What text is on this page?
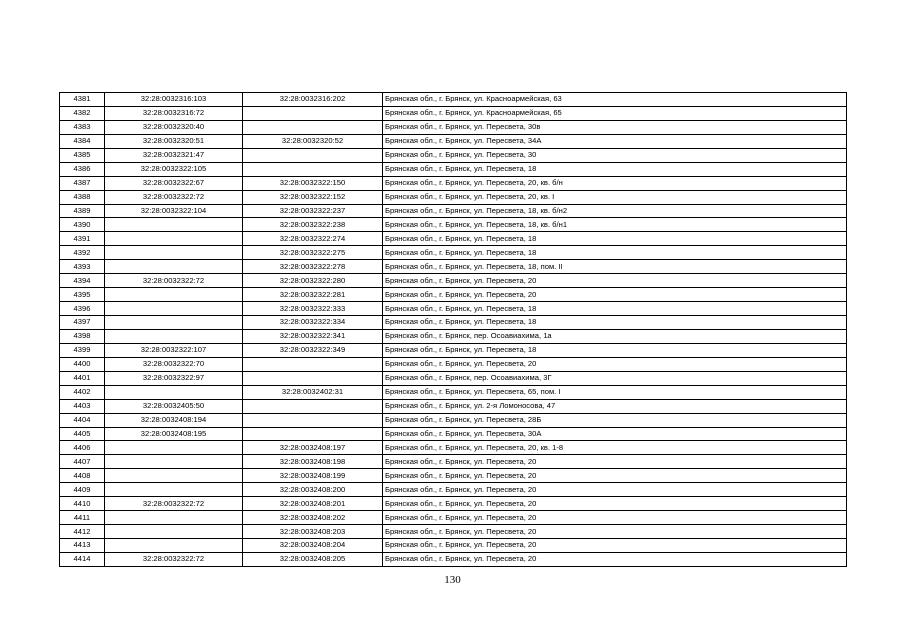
4381	32:28:0032316:103	32:28:0032316:202	Брянская обл., г. Брянск, ул. Красноармейская, 63
4382	32:28:0032316:72		Брянская обл., г. Брянск, ул. Красноармейская, 65
4383	32:28:0032320:40		Брянская обл., г. Брянск, ул. Пересвета, 30в
4384	32:28:0032320:51	32:28:0032320:52	Брянская обл., г. Брянск, ул. Пересвета, 34А
4385	32:28:0032321:47		Брянская обл., г. Брянск, ул. Пересвета, 30
4386	32:28:0032322:105		Брянская обл., г. Брянск, ул. Пересвета, 18
4387	32:28:0032322:67	32:28:0032322:150	Брянская обл., г. Брянск, ул. Пересвета, 20, кв. б/н
4388	32:28:0032322:72	32:28:0032322:152	Брянская обл., г. Брянск, ул. Пересвета, 20, кв. I
4389	32:28:0032322:104	32:28:0032322:237	Брянская обл., г. Брянск, ул. Пересвета, 18, кв. б/н2
4390		32:28:0032322:238	Брянская обл., г. Брянск, ул. Пересвета, 18, кв. б/н1
4391		32:28:0032322:274	Брянская обл., г. Брянск, ул. Пересвета, 18
4392		32:28:0032322:275	Брянская обл., г. Брянск, ул. Пересвета, 18
4393		32:28:0032322:278	Брянская обл., г. Брянск, ул. Пересвета, 18, пом. II
4394	32:28:0032322:72	32:28:0032322:280	Брянская обл., г. Брянск, ул. Пересвета, 20
4395		32:28:0032322:281	Брянская обл., г. Брянск, ул. Пересвета, 20
4396		32:28:0032322:333	Брянская обл., г. Брянск, ул. Пересвета, 18
4397		32:28:0032322:334	Брянская обл., г. Брянск, ул. Пересвета, 18
4398		32:28:0032322:341	Брянская обл., г. Брянск, пер. Осоавиахима, 1а
4399	32:28:0032322:107	32:28:0032322:349	Брянская обл., г. Брянск, ул. Пересвета, 18
4400	32:28:0032322:70		Брянская обл., г. Брянск, ул. Пересвета, 20
4401	32:28:0032322:97		Брянская обл., г. Брянск, пер. Осоавиахима, 3Г
4402		32:28:0032402:31	Брянская обл., г. Брянск, ул. Пересвета, 65, пом. I
4403	32:28:0032405:50		Брянская обл., г. Брянск, ул. 2-я Ломоносова, 47
4404	32:28:0032408:194		Брянская обл., г. Брянск, ул. Пересвета, 28Б
4405	32:28:0032408:195		Брянская обл., г. Брянск, ул. Пересвета, 30А
4406		32:28:0032408:197	Брянская обл., г. Брянск, ул. Пересвета, 20, кв. 1-8
4407		32:28:0032408:198	Брянская обл., г. Брянск, ул. Пересвета, 20
4408		32:28:0032408:199	Брянская обл., г. Брянск, ул. Пересвета, 20
4409		32:28:0032408:200	Брянская обл., г. Брянск, ул. Пересвета, 20
4410	32:28:0032322:72	32:28:0032408:201	Брянская обл., г. Брянск, ул. Пересвета, 20
4411		32:28:0032408:202	Брянская обл., г. Брянск, ул. Пересвета, 20
4412		32:28:0032408:203	Брянская обл., г. Брянск, ул. Пересвета, 20
4413		32:28:0032408:204	Брянская обл., г. Брянск, ул. Пересвета, 20
4414	32:28:0032322:72	32:28:0032408:205	Брянская обл., г. Брянск, ул. Пересвета, 20
130
